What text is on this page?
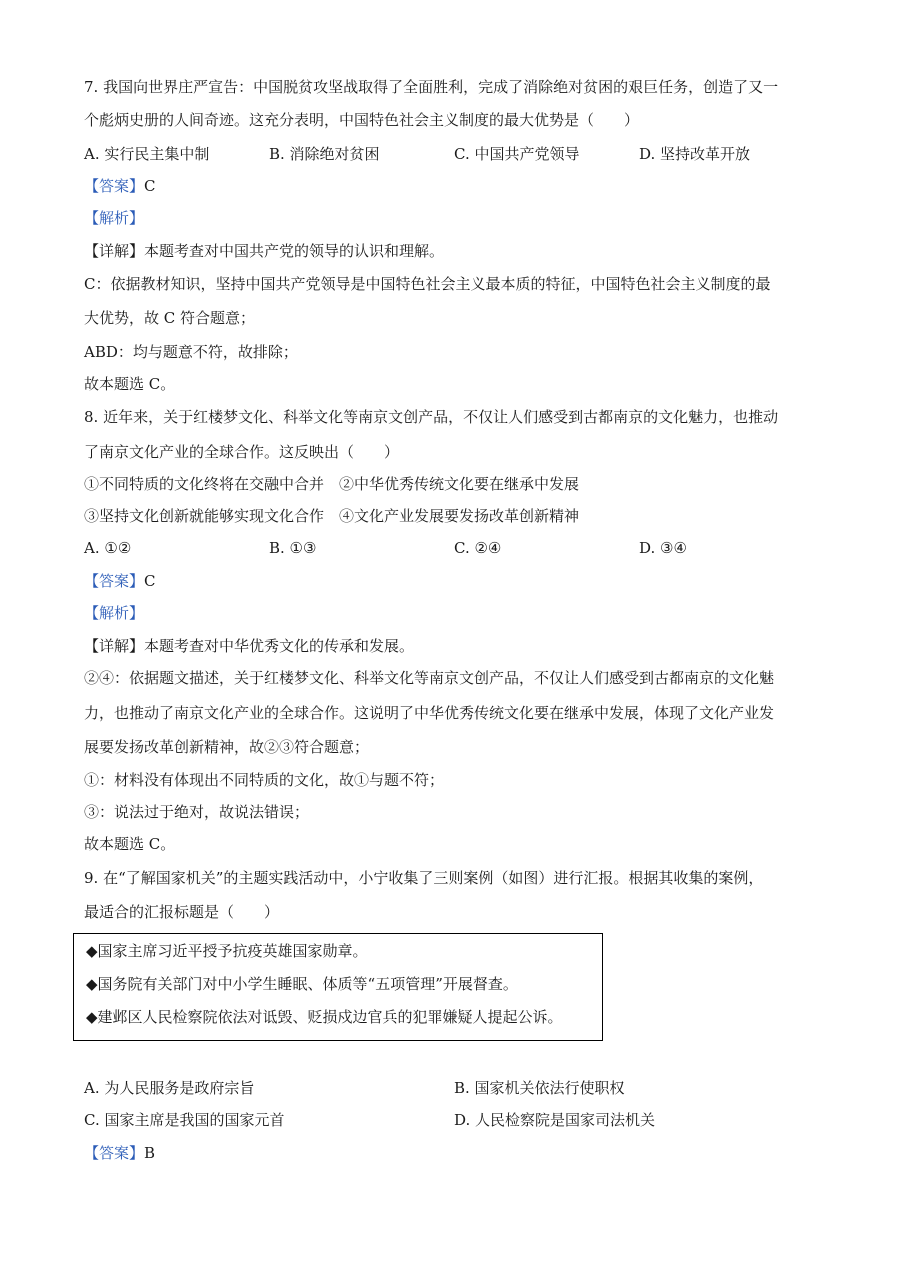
7. 我国向世界庄严宣告：中国脱贫攻坚战取得了全面胜利，完成了消除绝对贫困的艰巨任务，创造了又一
个彪炳史册的人间奇迹。这充分表明，中国特色社会主义制度的最大优势是（　　）
A. 实行民主集中制	B. 消除绝对贫困	C. 中国共产党领导	D. 坚持改革开放
【答案】C
【解析】
【详解】本题考查对中国共产党的领导的认识和理解。
C：依据教材知识，坚持中国共产党领导是中国特色社会主义最本质的特征，中国特色社会主义制度的最
大优势，故 C 符合题意；
ABD：均与题意不符，故排除；
故本题选 C。
8. 近年来，关于红楼梦文化、科举文化等南京文创产品，不仅让人们感受到古都南京的文化魅力，也推动
了南京文化产业的全球合作。这反映出（　　）
①不同特质的文化终将在交融中合并　②中华优秀传统文化要在继承中发展
③坚持文化创新就能够实现文化合作　④文化产业发展要发扬改革创新精神
A. ①②	B. ①③	C. ②④	D. ③④
【答案】C
【解析】
【详解】本题考查对中华优秀文化的传承和发展。
②④：依据题文描述，关于红楼梦文化、科举文化等南京文创产品，不仅让人们感受到古都南京的文化魅
力，也推动了南京文化产业的全球合作。这说明了中华优秀传统文化要在继承中发展，体现了文化产业发
展要发扬改革创新精神，故②③符合题意；
①：材料没有体现出不同特质的文化，故①与题不符；
③：说法过于绝对，故说法错误；
故本题选 C。
9. 在“了解国家机关”的主题实践活动中，小宁收集了三则案例（如图）进行汇报。根据其收集的案例，
最适合的汇报标题是（　　）
◆国家主席习近平授予抗疫英雄国家勋章。
◆国务院有关部门对中小学生睡眠、体质等“五项管理”开展督查。
◆建邺区人民检察院依法对诋毁、贬损戍边官兵的犯罪嫌疑人提起公诉。
A. 为人民服务是政府宗旨	B. 国家机关依法行使职权
C. 国家主席是我国的国家元首	D. 人民检察院是国家司法机关
【答案】B
